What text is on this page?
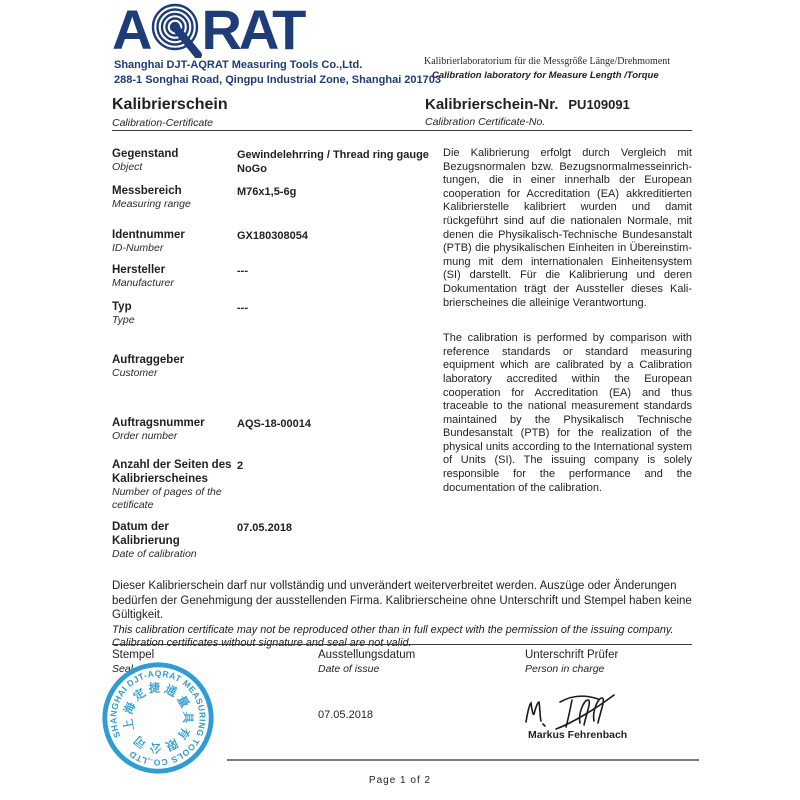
A RAT
Shanghai DJT-AQRAT Measuring Tools Co.,Ltd.
288-1 Songhai Road, Qingpu Industrial Zone, Shanghai 201703
Kalibrierlaboratorium für die Messgröße Länge/Drehmoment
Calibration laboratory for Measure Length /Torque
Kalibrierschein
Calibration-Certificate
Kalibrierschein-Nr. PU109091
Calibration Certificate-No.
Gegenstand
Object
Gewindelehrring / Thread ring gauge NoGo
Messbereich
Measuring range
M76x1,5-6g
Identnummer
ID-Number
GX180308054
Hersteller
Manufacturer
---
Typ
Type
---
Auftraggeber
Customer
Auftragsnummer
Order number
AQS-18-00014
Anzahl der Seiten des Kalibrierscheines
Number of pages of the cetificate
2
Datum der Kalibrierung
Date of calibration
07.05.2018
Die Kalibrierung erfolgt durch Vergleich mit Bezugsnormalen bzw. Bezugsnormalmesseinrich- tungen, die in einer innerhalb der European cooperation for Accreditation (EA) akkreditierten Kalibrierstelle kalibriert wurden und damit rückgeführt sind auf die nationalen Normale, mit denen die Physikalisch-Technische Bundesanstalt (PTB) die physikalischen Einheiten in Übereinstim- mung mit dem internationalen Einheitensystem (SI) darstellt. Für die Kalibrierung und deren Dokumentation trägt der Aussteller dieses Kali- brierscheines die alleinige Verantwortung.
The calibration is performed by comparison with reference standards or standard measuring equipment which are calibrated by a Calibration laboratory accredited within the European cooperation for Accreditation (EA) and thus traceable to the national measurement standards maintained by the Physikalisch Technische Bundesanstalt (PTB) for the realization of the physical units according to the International system of Units (SI). The issuing company is solely responsible for the performance and the documentation of the calibration.
Dieser Kalibrierschein darf nur vollständig und unverändert weiterverbreitet werden. Auszüge oder Änderungen bedürfen der Genehmigung der ausstellenden Firma. Kalibrierscheine ohne Unterschrift und Stempel haben keine Gültigkeit.
This calibration certificate may not be reproduced other than in full expect with the permission of the issuing company. Calibration certificates without signature and seal are not valid.
Stempel
Seal
Ausstellungsdatum
Date of issue
Unterschrift Prüfer
Person in charge
SHANGHAI DJT-AQRAT MEASURING TOOLS CO.,LTD
上海定捷通量具有限公司
07.05.2018
Markus Fehrenbach
Page 1 of 2
